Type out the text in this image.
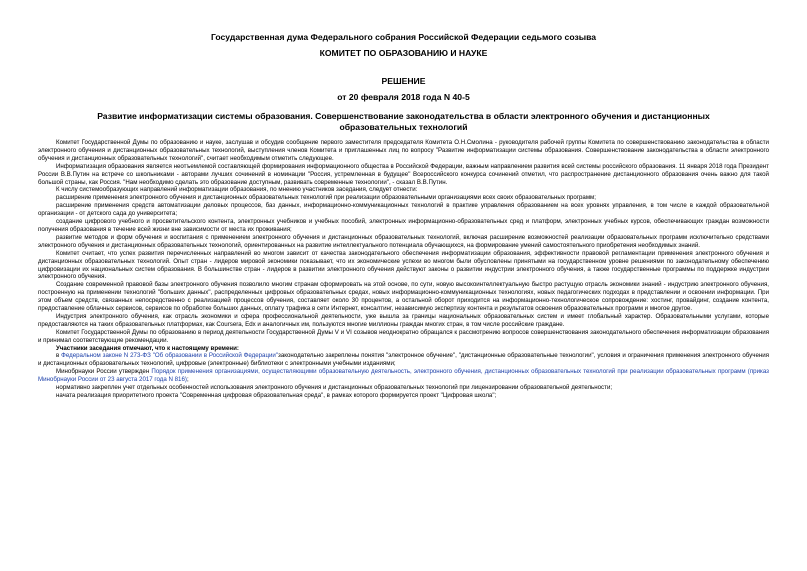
Государственная дума Федерального собрания Российской Федерации седьмого созыва

КОМИТЕТ ПО ОБРАЗОВАНИЮ И НАУКЕ

РЕШЕНИЕ

от 20 февраля 2018 года N 40-5

Развитие информатизации системы образования. Совершенствование законодательства в области электронного обучения и дистанционных образовательных технологий

Комитет Государственной Думы по образованию и науке, заслушав и обсудив сообщение первого заместителя председателя Комитета О.Н.Смолина - руководителя рабочей группы Комитета по совершенствованию законодательства в области электронного обучения и дистанционных образовательных технологий, выступления членов Комитета и приглашенных лиц по вопросу "Развитие информатизации системы образования. Совершенствование законодательства в области электронного обучения и дистанционных образовательных технологий", считает необходимым отметить следующее.

Информатизация образования является неотъемлемой составляющей формирования информационного общества в Российской Федерации, важным направлением развития всей системы российского образования. 11 января 2018 года Президент России В.В.Путин на встрече со школьниками - авторами лучших сочинений в номинации "Россия, устремленная в будущее" Всероссийского конкурса сочинений отметил, что распространение дистанционного образования очень важно для такой большой страны, как Россия. "Нам необходимо сделать это образование доступным, развивать современные технологии", - сказал В.В.Путин.

К числу системообразующих направлений информатизации образования, по мнению участников заседания, следует отнести:

расширение применения электронного обучения и дистанционных образовательных технологий при реализации образовательными организациями всех своих образовательных программ;

расширение применения средств автоматизации деловых процессов, баз данных, информационно-коммуникационных технологий в практике управления образованием на всех уровнях управления, в том числе в каждой образовательной организации - от детского сада до университета;

создание цифрового учебного и просветительского контента, электронных учебников и учебных пособий, электронных информационно-образовательных сред и платформ, электронных учебных курсов, обеспечивающих граждан возможности получения образования в течение всей жизни вне зависимости от места их проживания;

развитие методов и форм обучения и воспитания с применением электронного обучения и дистанционных образовательных технологий, включая расширение возможностей реализации образовательных программ исключительно средствами электронного обучения и дистанционных образовательных технологий, ориентированных на развитие интеллектуального потенциала обучающихся, на формирование умений самостоятельного приобретения необходимых знаний.

Комитет считает, что успех развития перечисленных направлений во многом зависит от качества законодательного обеспечения информатизации образования, эффективности правовой регламентации применения электронного обучения и дистанционных образовательных технологий. Опыт стран - лидеров мировой экономики показывает, что их экономические успехи во многом были обусловлены принятыми на государственном уровне решениями по законодательному обеспечению цифровизации их национальных систем образования. В большинстве стран - лидеров в развитии электронного обучения действуют законы о развитии индустрии электронного обучения, а также государственные программы по поддержке индустрии электронного обучения.

Создание современной правовой базы электронного обучения позволило многим странам сформировать на этой основе, по сути, новую высокоинтеллектуальную быстро растущую отрасль экономики знаний - индустрию электронного обучения, построенную на применении технологий "больших данных", распределенных цифровых образовательных средах, новых информационно-коммуникационных технологиях, новых педагогических подходах в представлении и освоении информации. При этом объем средств, связанных непосредственно с реализацией процессов обучения, составляет около 30 процентов, а остальной оборот приходится на информационно-технологическое сопровождение: хостинг, провайдинг, создание контента, предоставление облачных сервисов, сервисов по обработке больших данных, оплату трафика в сети Интернет, консалтинг, независимую экспертизу контента и результатов освоения образовательных программ и многое другое.

Индустрия электронного обучения, как отрасль экономики и сфера профессиональной деятельности, уже вышла за границы национальных образовательных систем и имеет глобальный характер. Образовательными услугами, которые предоставляются на таких образовательных платформах, как Coursera, Edx и аналогичных им, пользуются многие миллионы граждан многих стран, в том числе российские граждане.

Комитет Государственной Думы по образованию в период деятельности Государственной Думы V и VI созывов неоднократно обращался к рассмотрению вопросов совершенствования законодательного обеспечения информатизации образования и принимал соответствующие рекомендации.

Участники заседания отмечают, что к настоящему времени:

в Федеральном законе N 273-ФЗ "Об образовании в Российской Федерации"законодательно закреплены понятия "электронное обучение", "дистанционные образовательные технологии", условия и ограничения применения электронного обучения и дистанционных образовательных технологий, цифровые (электронные) библиотеки с электронными учебными изданиями;

Минобрнауки России утвержден Порядок применения организациями, осуществляющими образовательную деятельность, электронного обучения, дистанционных образовательных технологий при реализации образовательных программ (приказ Минобрнауки России от 23 августа 2017 года N 816);

нормативно закреплен учет отдельных особенностей использования электронного обучения и дистанционных образовательных технологий при лицензировании образовательной деятельности;

начата реализация приоритетного проекта "Современная цифровая образовательная среда", в рамках которого формируется проект "Цифровая школа";
